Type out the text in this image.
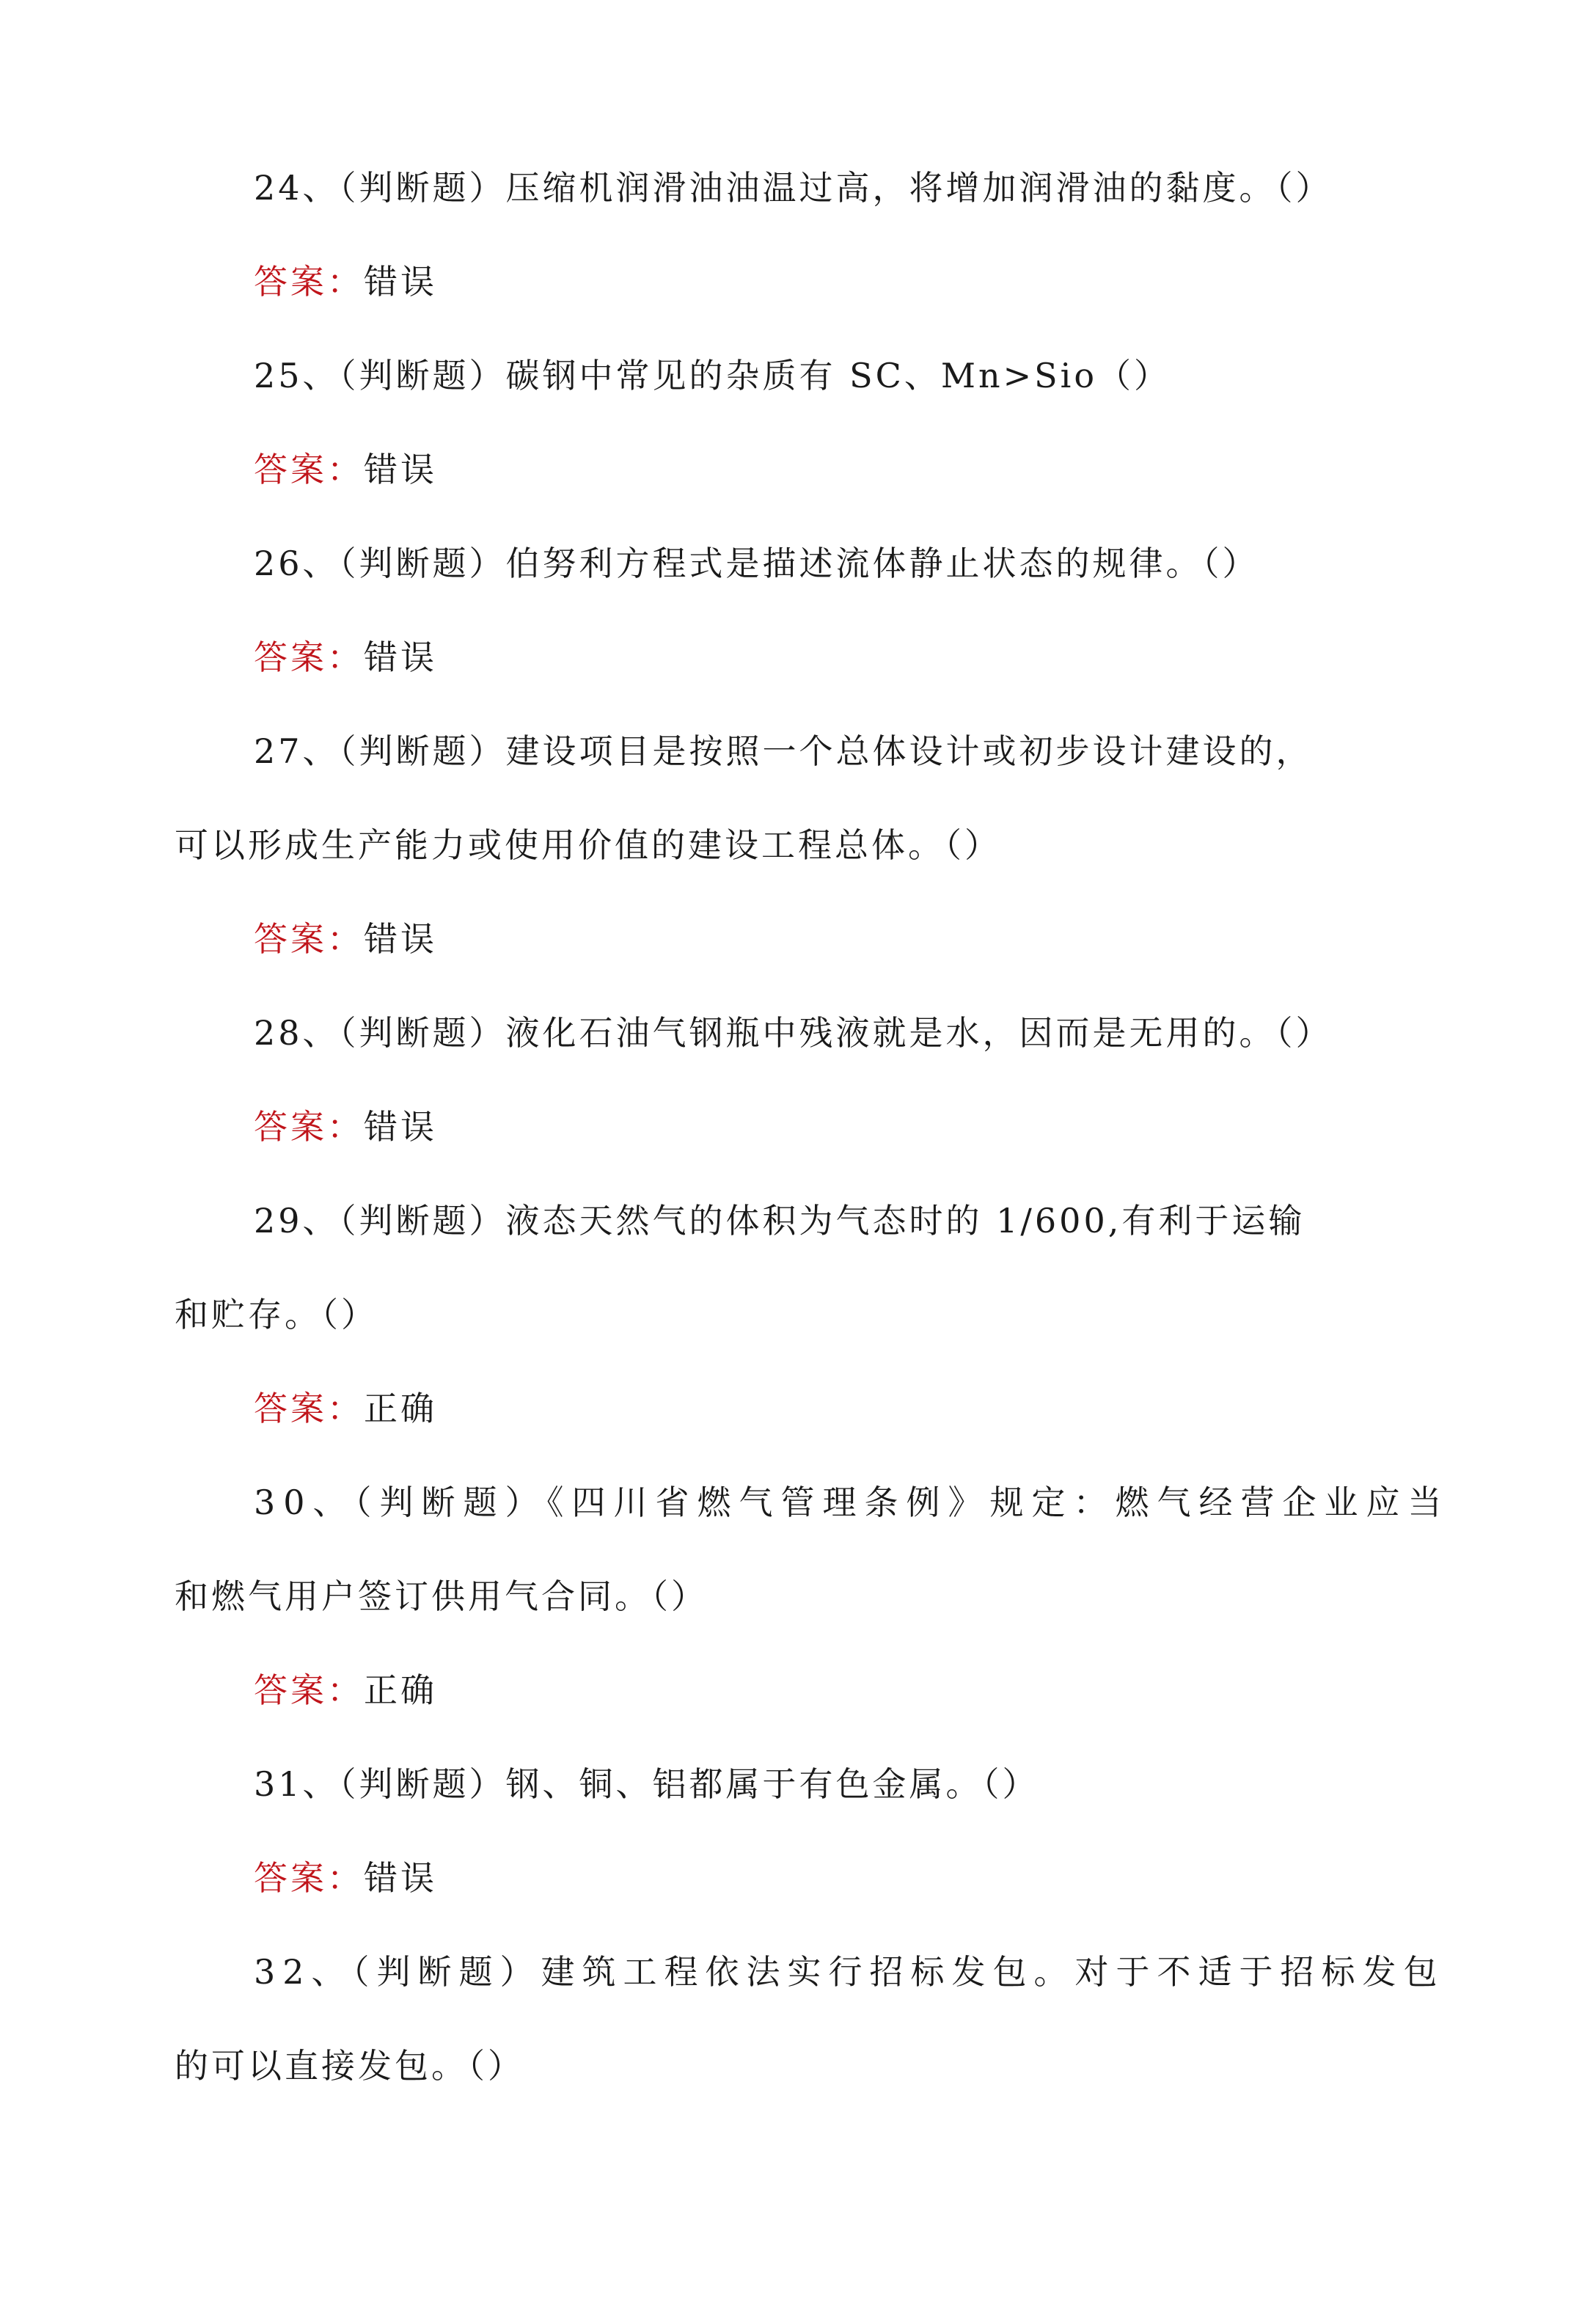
24、（判断题）压缩机润滑油油温过高，将增加润滑油的黏度。（）
答案：错误
25、（判断题）碳钢中常见的杂质有 SC、Mn>Sio（）
答案：错误
26、（判断题）伯努利方程式是描述流体静止状态的规律。（）
答案：错误
27、（判断题）建设项目是按照一个总体设计或初步设计建设的，
可以形成生产能力或使用价值的建设工程总体。（）
答案：错误
28、（判断题）液化石油气钢瓶中残液就是水，因而是无用的。（）
答案：错误
29、（判断题）液态天然气的体积为气态时的 1/600,有利于运输
和贮存。（）
答案：正确
30、（判断题）《四川省燃气管理条例》规定：燃气经营企业应当
和燃气用户签订供用气合同。（）
答案：正确
31、（判断题）钢、铜、铝都属于有色金属。（）
答案：错误
32、（判断题）建筑工程依法实行招标发包。对于不适于招标发包
的可以直接发包。（）
